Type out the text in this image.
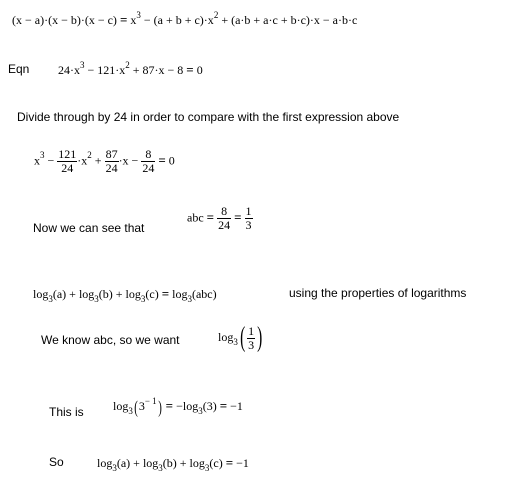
$(x - a)\cdot(x - b)\cdot(x - c) = x^3 - (a + b + c)\cdot x^2 + (a\cdot b + a\cdot c + b\cdot c)\cdot x - a\cdot b\cdot c$
Eqn $24\cdot x^3 - 121\cdot x^2 + 87\cdot x - 8 = 0$
Divide through by 24 in order to compare with the first expression above
$x^3 - \frac{121}{24} \cdot x^2 + \frac{87}{24} \cdot x - \frac{8}{24} = 0$
Now we can see that
abc = $\frac{8}{24} = \frac{1}{3}$
$\log_3(a) + \log_3(b) + \log_3(c) = \log_3(abc)$	using the properties of logarithms
We know abc, so we want	$\log_3( \frac{1}{3}$ )
This is $\log_3(3^{- 1}) = -\log_3(3) = -1$
So	$\log_3(a) + \log_3(b) + \log_3(c) = -1$
